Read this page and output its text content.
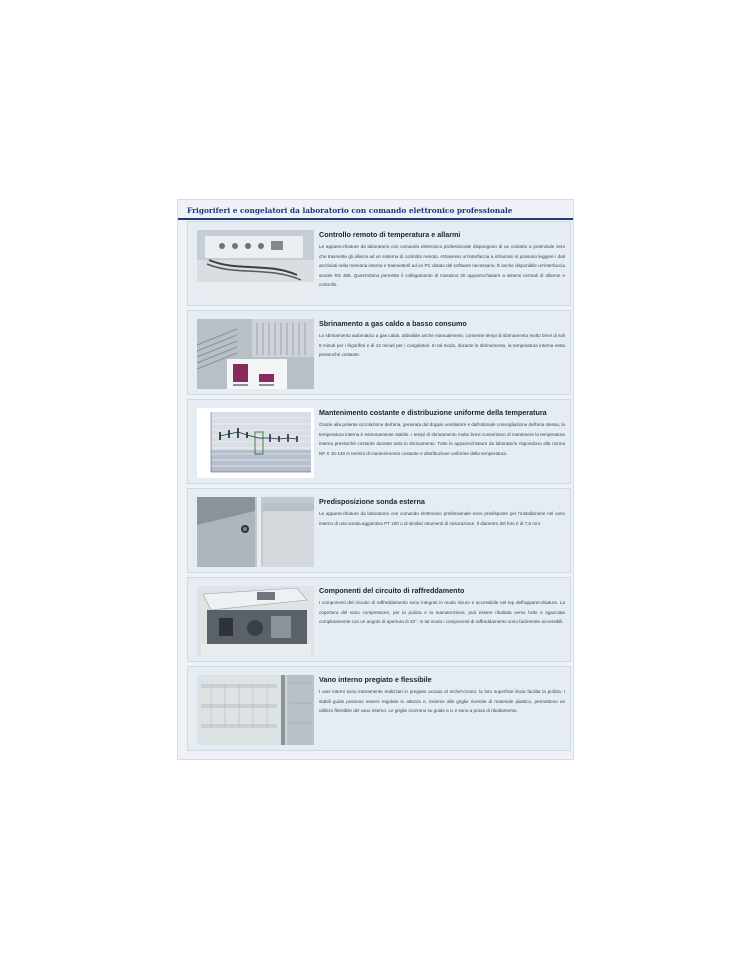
Frigoriferi e congelatori da laboratorio con comando elettronico professionale
Controllo remoto di temperatura e allarmi

Le apparecchiature da laboratorio con comando elettronico professionale dispongono di un contatto a potenziale zero che trasmette gli allarmi ad un sistema di controllo remoto. Attraverso un'interfaccia a infrarossi si possono leggere i dati archiviati nella memoria interna e trasmetterli ad un PC dotato del software necessario. È anche disponibile un'interfaccia seriale RS 485. Quest'ultima permette il collegamento di massimo 20 apparecchiature a sistemi centrali di allarme e controllo.

Sbrinamento a gas caldo a basso consumo

Lo sbrinamento automatico a gas caldo, attivabile anche manualmente, consente tempi di sbrinamento molto brevi di soli 8 minuti per i frigoriferi e di 12 minuti per i congelatori. In tal modo, durante lo sbrinamento, la temperatura interna resta pressoché costante.

Mantenimento costante e distribuzione uniforme della temperatura

Grazie alla potente circolazione dell'aria, generata dal doppio ventilatore e dall'ottimale convogliazione dell'aria stessa, la temperatura interna è estremamente stabile. I tempi di sbrinamento molto brevi consentono di mantenere la temperatura interna pressoché costante durante tutto lo sbrinamento. Tutte le apparecchiature da laboratorio rispondono alla norma NF X 15-140 in termini di mantenimento costante e distribuzione uniforme della temperatura.

Predisposizione sonda esterna

Le apparecchiature da laboratorio con comando elettronico professionale sono predisposte per l'installazione nel vano interno di una sonda aggiuntiva PT 100 o di similari strumenti di misurazione. Il diametro del foro è di 7,6 mm.

Componenti del circuito di raffreddamento

I componenti del circuito di raffreddamento sono integrati in modo sicuro e accessibile nel top dell'apparecchiatura. La copertura del vano compressore, per la pulizia e la manutenzione, può essere ribaltata verso l'alto e sganciata completamente con un angolo di apertura di 45°. In tal modo i componenti di raffreddamento sono facilmente accessibili.

Vano interno pregiato e flessibile

I vani interni sono interamente realizzati in pregiato acciaio al nichel-cromo: la loro superficie liscia facilita la pulizia. I stabili guide possono essere regolate in altezza e, insieme alle griglie rivestite di materiale plastico, permettono un utilizzo flessibile del vano interno. Le griglie scorrono su guide a U e sono a prova di ribaltamento.
